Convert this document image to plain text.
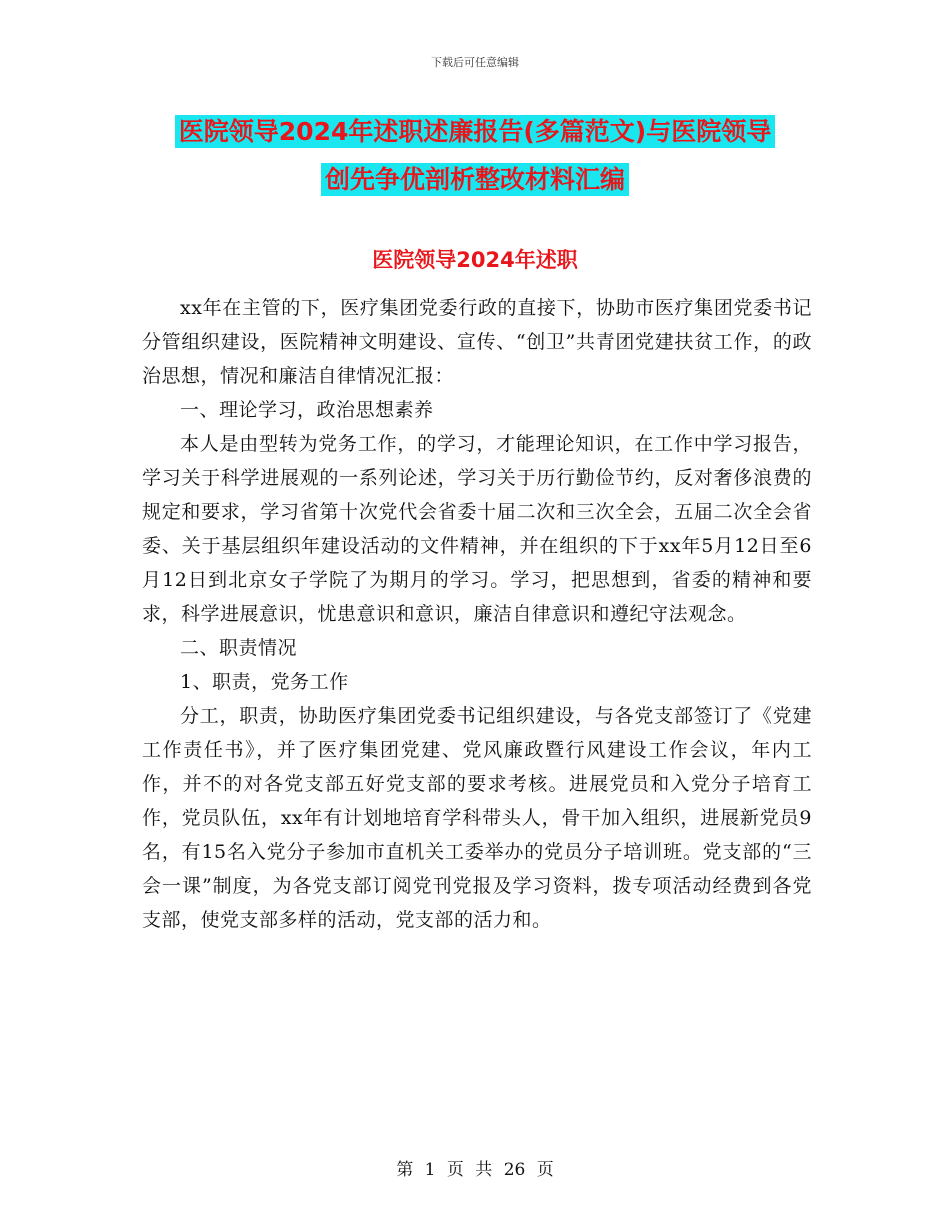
下载后可任意编辑
医院领导2024年述职述廉报告(多篇范文)与医院领导
创先争优剖析整改材料汇编
医院领导2024年述职

xx年在主管的下，医疗集团党委行政的直接下，协助市医疗集团党委书记分管组织建设，医院精神文明建设、宣传、“创卫”共青团党建扶贫工作，的政治思想，情况和廉洁自律情况汇报：

一、理论学习，政治思想素养

本人是由型转为党务工作，的学习，才能理论知识，在工作中学习报告，学习关于科学进展观的一系列论述，学习关于历行勤俭节约，反对奢侈浪费的规定和要求，学习省第十次党代会省委十届二次和三次全会，五届二次全会省委、关于基层组织年建设活动的文件精神，并在组织的下于xx年5月12日至6月12日到北京女子学院了为期月的学习。学习，把思想到，省委的精神和要求，科学进展意识，忧患意识和意识，廉洁自律意识和遵纪守法观念。

二、职责情况

1、职责，党务工作

分工，职责，协助医疗集团党委书记组织建设，与各党支部签订了《党建工作责任书》，并了医疗集团党建、党风廉政暨行风建设工作会议，年内工作，并不的对各党支部五好党支部的要求考核。进展党员和入党分子培育工作，党员队伍，xx年有计划地培育学科带头人，骨干加入组织，进展新党员9名，有15名入党分子参加市直机关工委举办的党员分子培训班。党支部的“三会一课”制度，为各党支部订阅党刊党报及学习资料，拨专项活动经费到各党支部，使党支部多样的活动，党支部的活力和。

第 1 页 共 26 页
